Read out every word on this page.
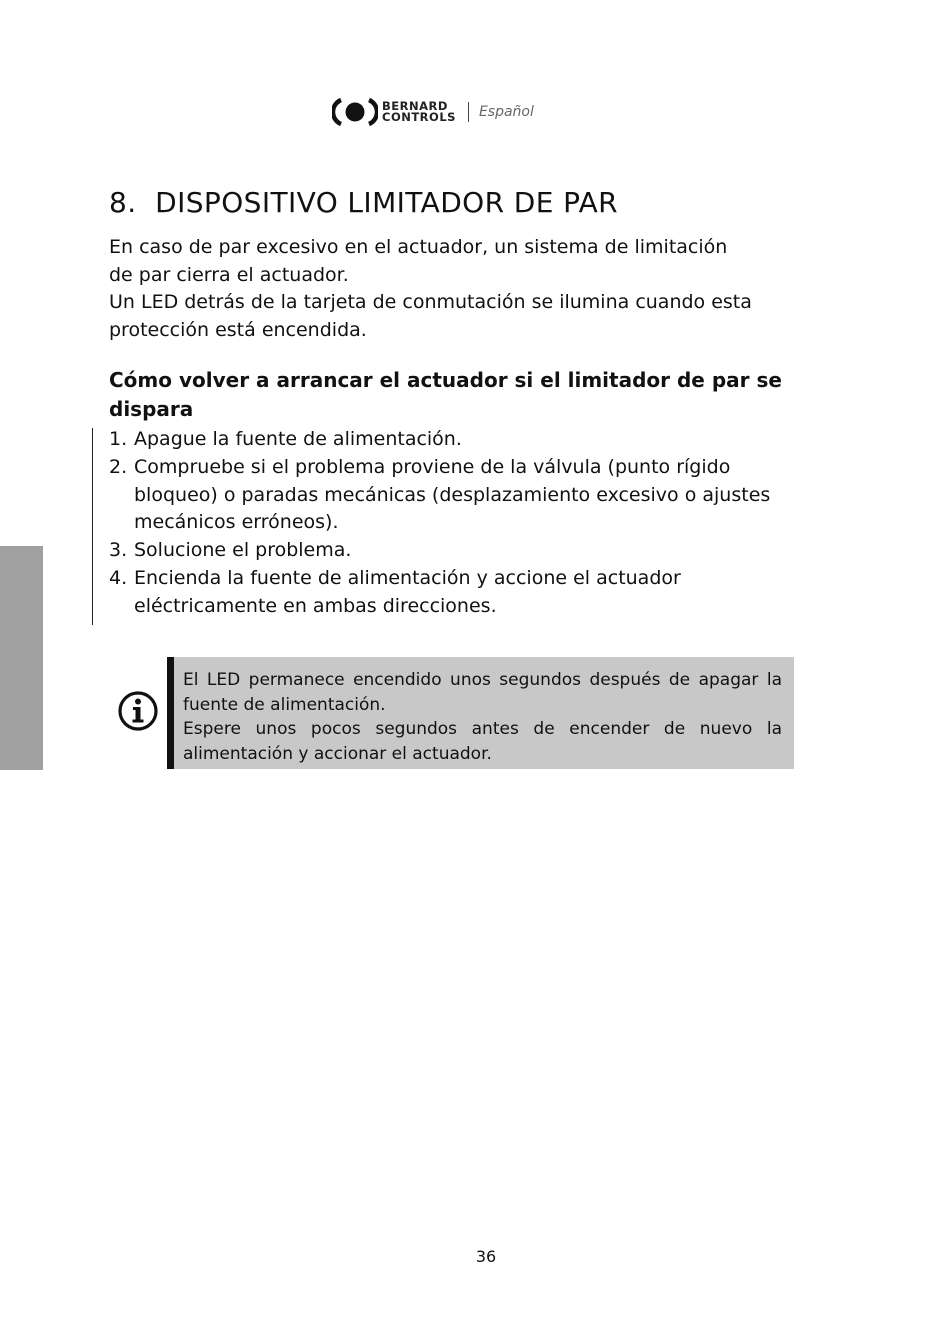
BERNARD
CONTROLS Español
8. DISPOSITIVO LIMITADOR DE PAR
En caso de par excesivo en el actuador, un sistema de limitación
de par cierra el actuador.
Un LED detrás de la tarjeta de conmutación se ilumina cuando esta
protección está encendida.
Cómo volver a arrancar el actuador si el limitador de par se dispara
1. Apague la fuente de alimentación.
2. Compruebe si el problema proviene de la válvula (punto rígido bloqueo) o paradas mecánicas (desplazamiento excesivo o ajustes mecánicos erróneos).
3. Solucione el problema.
4. Encienda la fuente de alimentación y accione el actuador eléctricamente en ambas direcciones.

El LED permanece encendido unos segundos después de apagar la fuente de alimentación.

Espere unos pocos segundos antes de encender de nuevo la alimentación y accionar el actuador.

36
